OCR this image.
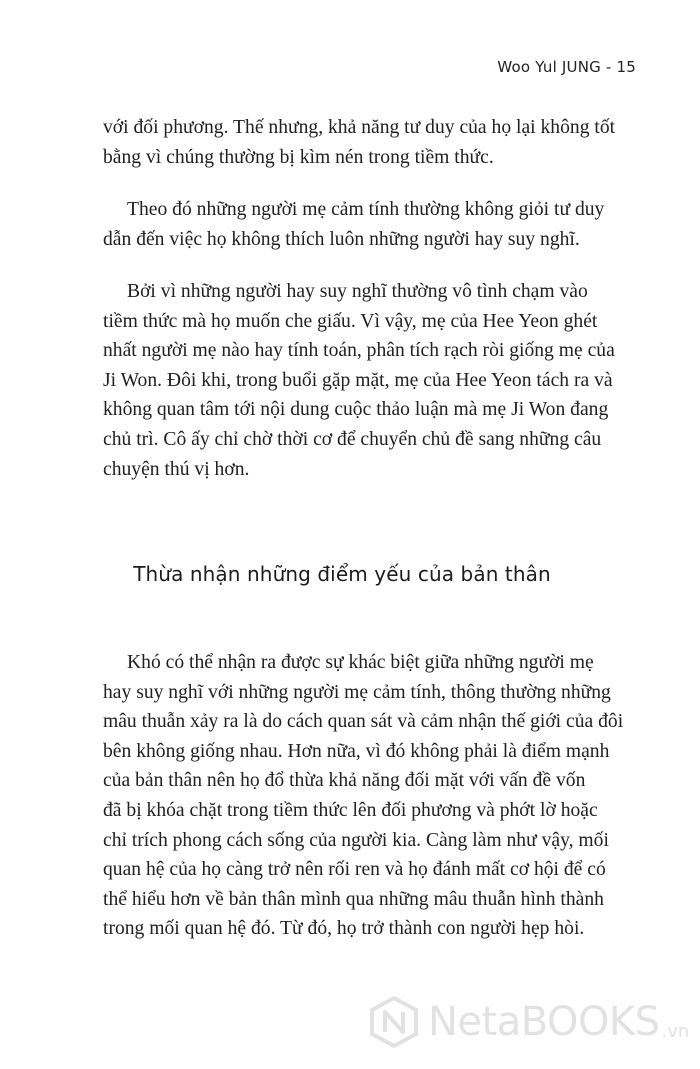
Woo Yul JUNG - 15
với đối phương. Thế nhưng, khả năng tư duy của họ lại không tốt
bằng vì chúng thường bị kìm nén trong tiềm thức.
Theo đó những người mẹ cảm tính thường không giỏi tư duy
dẫn đến việc họ không thích luôn những người hay suy nghĩ.
Bởi vì những người hay suy nghĩ thường vô tình chạm vào
tiềm thức mà họ muốn che giấu. Vì vậy, mẹ của Hee Yeon ghét
nhất người mẹ nào hay tính toán, phân tích rạch ròi giống mẹ của
Ji Won. Đôi khi, trong buổi gặp mặt, mẹ của Hee Yeon tách ra và
không quan tâm tới nội dung cuộc thảo luận mà mẹ Ji Won đang
chủ trì. Cô ấy chỉ chờ thời cơ để chuyển chủ đề sang những câu
chuyện thú vị hơn.
Thừa nhận những điểm yếu của bản thân
Khó có thể nhận ra được sự khác biệt giữa những người mẹ
hay suy nghĩ với những người mẹ cảm tính, thông thường những
mâu thuẫn xảy ra là do cách quan sát và cảm nhận thế giới của đôi
bên không giống nhau. Hơn nữa, vì đó không phải là điểm mạnh
của bản thân nên họ đổ thừa khả năng đối mặt với vấn đề vốn
đã bị khóa chặt trong tiềm thức lên đối phương và phớt lờ hoặc
chỉ trích phong cách sống của người kia. Càng làm như vậy, mối
quan hệ của họ càng trở nên rối ren và họ đánh mất cơ hội để có
thể hiểu hơn về bản thân mình qua những mâu thuẫn hình thành
trong mối quan hệ đó. Từ đó, họ trở thành con người hẹp hòi.
NetaBOOKS .vn
